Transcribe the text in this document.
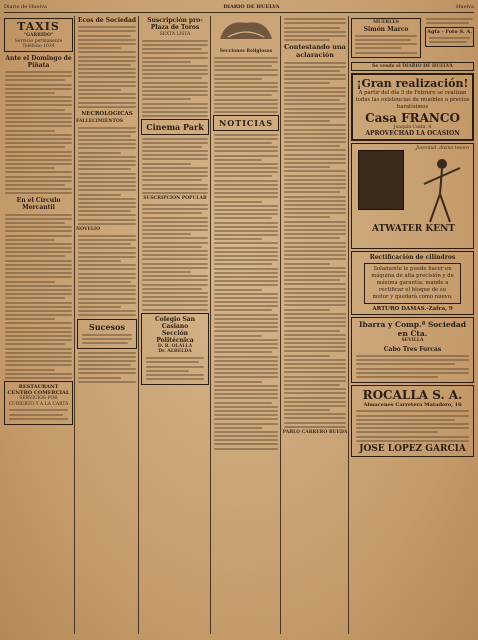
Diario de Huelva	DIARIO DE HUELVA	Huelva
TAXIS
"GARRIDO"
Servicio permanente
Teléfono 1034
Ante el Domingo de Piñata
En el Círculo Mercantil
RESTAURANT CENTRO COMERCIAL
SERVICIOS POR CUBIERTO Y A LA CARTA
Ecos de Sociedad
NECROLOGICAS
FALLECIMIENTOS
NOVELIO
Sucesos
Suscripción pro-Plaza de Toros
SEXTA LISTA
Cinema Park
SUSCRIPCION POPULAR
Colegio San Casiano
Sección Politécnica
D. R. OLALLA
Dr. ALBELDA
Secciones Religiosas
NOTICIAS
Contestando una aclaración
PABLO CARRERO RUEDA
MUEBLES
Simón Marco	Agfa - Foto S. A.
Se vende el DIARIO DE HUELVA
¡Gran realización!
A partir del día 5 de Febrero se realizan todas las existencias de muebles a precios baratísimos
Casa FRANCO
Joaquín Costa, 4
APROVECHAD LA OCASION
Juventud, divino tesoro
ATWATER KENT
Rectificación de cilindros
Solamente le puede hacer en máquina de alta precisión y de máxima garantía; mande a rectificar el bloque de su motor y quedará como nuevo.
ARTURO DAMAS.-Zafra, 9
Ibarra y Comp.ª Sociedad en Cta.
SEVILLA
Cabo Tres Forcas
ROCALLA S. A.
Almacenes Carretera Matadero, 16
JOSE LOPEZ GARCIA
